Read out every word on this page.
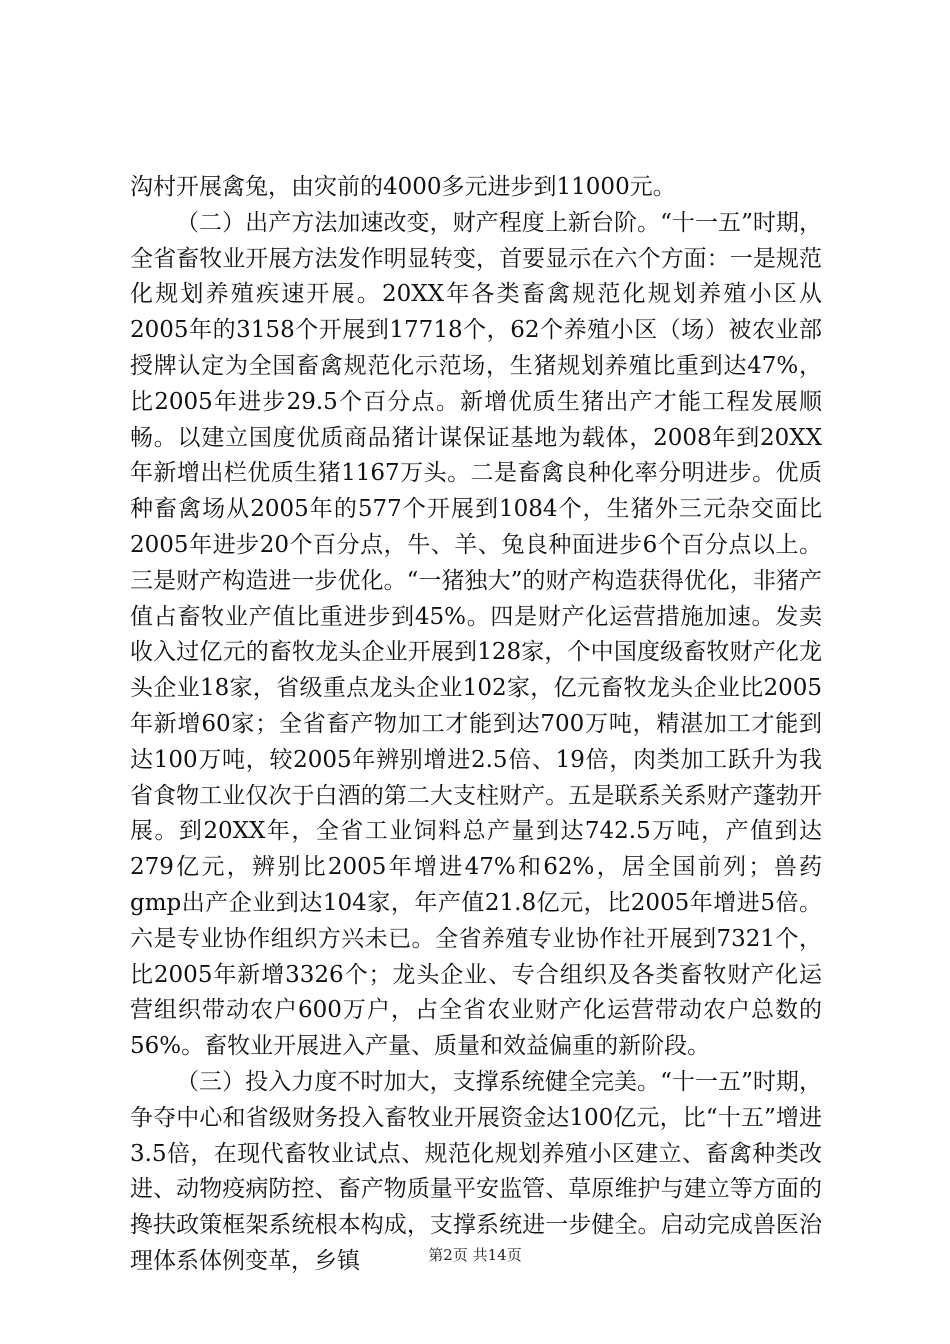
沟村开展禽兔，由灾前的4000多元进步到11000元。

（二）出产方法加速改变，财产程度上新台阶。“十一五”时期，全省畜牧业开展方法发作明显转变，首要显示在六个方面：一是规范化规划养殖疾速开展。20XX年各类畜禽规范化规划养殖小区从2005年的3158个开展到17718个，62个养殖小区（场）被农业部授牌认定为全国畜禽规范化示范场，生猪规划养殖比重到达47%，比2005年进步29.5个百分点。新增优质生猪出产才能工程发展顺畅。以建立国度优质商品猪计谋保证基地为载体，2008年到20XX年新增出栏优质生猪1167万头。二是畜禽良种化率分明进步。优质种畜禽场从2005年的577个开展到1084个，生猪外三元杂交面比2005年进步20个百分点，牛、羊、兔良种面进步6个百分点以上。三是财产构造进一步优化。“一猪独大”的财产构造获得优化，非猪产值占畜牧业产值比重进步到45%。四是财产化运营措施加速。发卖收入过亿元的畜牧龙头企业开展到128家，个中国度级畜牧财产化龙头企业18家，省级重点龙头企业102家，亿元畜牧龙头企业比2005年新增60家；全省畜产物加工才能到达700万吨，精湛加工才能到达100万吨，较2005年辨别增进2.5倍、19倍，肉类加工跃升为我省食物工业仅次于白酒的第二大支柱财产。五是联系关系财产蓬勃开展。到20XX年，全省工业饲料总产量到达742.5万吨，产值到达279亿元，辨别比2005年增进47%和62%，居全国前列；兽药gmp出产企业到达104家，年产值21.8亿元，比2005年增进5倍。六是专业协作组织方兴未已。全省养殖专业协作社开展到7321个，比2005年新增3326个；龙头企业、专合组织及各类畜牧财产化运营组织带动农户600万户，占全省农业财产化运营带动农户总数的56%。畜牧业开展进入产量、质量和效益偏重的新阶段。

（三）投入力度不时加大，支撑系统健全完美。“十一五”时期，争夺中心和省级财务投入畜牧业开展资金达100亿元，比“十五”增进3.5倍，在现代畜牧业试点、规范化规划养殖小区建立、畜禽种类改进、动物疫病防控、畜产物质量平安监管、草原维护与建立等方面的搀扶政策框架系统根本构成，支撑系统进一步健全。启动完成兽医治理体系体例变革，乡镇	第2页 共14页
